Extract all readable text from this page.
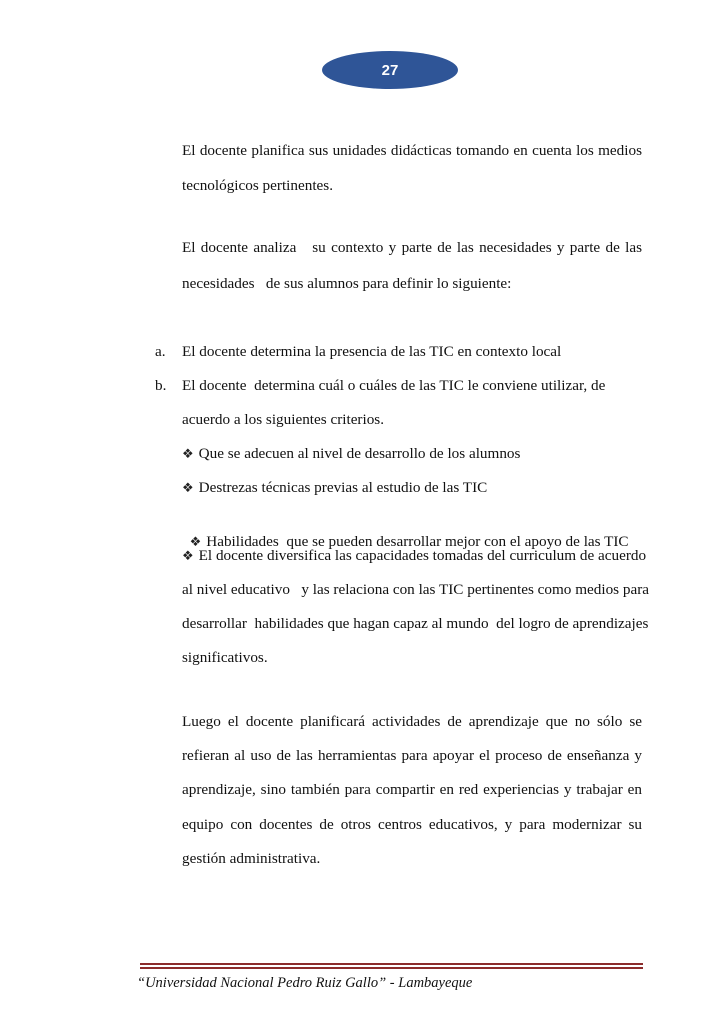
27
El docente planifica sus unidades didácticas tomando en cuenta los medios
tecnológicos pertinentes.
El docente analiza   su contexto y parte de las necesidades y parte de las
necesidades   de sus alumnos para definir lo siguiente:
a. El docente determina la presencia de las TIC en contexto local
b. El docente  determina cuál o cuáles de las TIC le conviene utilizar, de
acuerdo a los siguientes criterios.
❖ Que se adecuen al nivel de desarrollo de los alumnos
❖ Destrezas técnicas previas al estudio de las TIC

❖ Habilidades  que se pueden desarrollar mejor con el apoyo de las TIC

❖ El docente diversifica las capacidades tomadas del curriculum de acuerdo
al nivel educativo   y las relaciona con las TIC pertinentes como medios para
desarrollar  habilidades que hagan capaz al mundo  del logro de aprendizajes
significativos.
Luego el docente planificará actividades de aprendizaje que no sólo se
refieran al uso de las herramientas para apoyar el proceso de enseñanza y
aprendizaje, sino también para compartir en red experiencias y trabajar en
equipo con docentes de otros centros educativos, y para modernizar su
gestión administrativa.
“Universidad Nacional Pedro Ruiz Gallo” - Lambayeque
